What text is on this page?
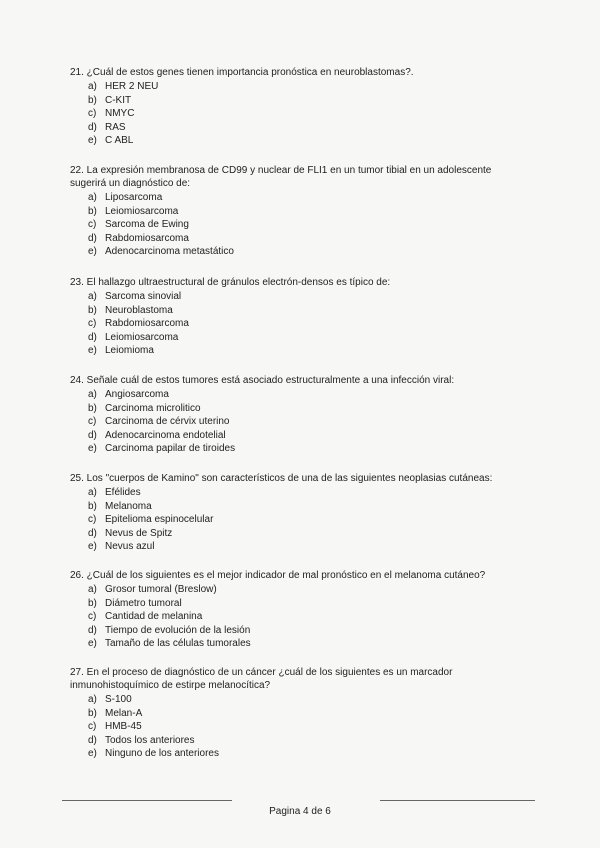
21. ¿Cuál de estos genes tienen importancia pronóstica en neuroblastomas?.

a) HER 2 NEU
b) C-KIT
c) NMYC
d) RAS
e) C ABL

22. La expresión membranosa de CD99 y nuclear de FLI1 en un tumor tibial en un adolescente sugerirá un diagnóstico de:

a) Liposarcoma
b) Leiomiosarcoma
c) Sarcoma de Ewing
d) Rabdomiosarcoma
e) Adenocarcinoma metastático

23. El hallazgo ultraestructural de gránulos electrón-densos es típico de:

a) Sarcoma sinovial
b) Neuroblastoma
c) Rabdomiosarcoma
d) Leiomiosarcoma
e) Leiomioma

24. Señale cuál de estos tumores está asociado estructuralmente a una infección viral:

a) Angiosarcoma
b) Carcinoma microlitico
c) Carcinoma de cérvix uterino
d) Adenocarcinoma endotelial
e) Carcinoma papilar de tiroides

25. Los "cuerpos de Kamino" son característicos de una de las siguientes neoplasias cutáneas:

a) Efélides
b) Melanoma
c) Epitelioma espinocelular
d) Nevus de Spitz
e) Nevus azul

26. ¿Cuál de los siguientes es el mejor indicador de mal pronóstico en el melanoma cutáneo?

a) Grosor tumoral (Breslow)
b) Diámetro tumoral
c) Cantidad de melanina
d) Tiempo de evolución de la lesión
e) Tamaño de las células tumorales

27. En el proceso de diagnóstico de un cáncer ¿cuál de los siguientes es un marcador inmunohistoquímico de estirpe melanocítica?

a) S-100
b) Melan-A
c) HMB-45
d) Todos los anteriores
e) Ninguno de los anteriores
Pagina 4 de 6
